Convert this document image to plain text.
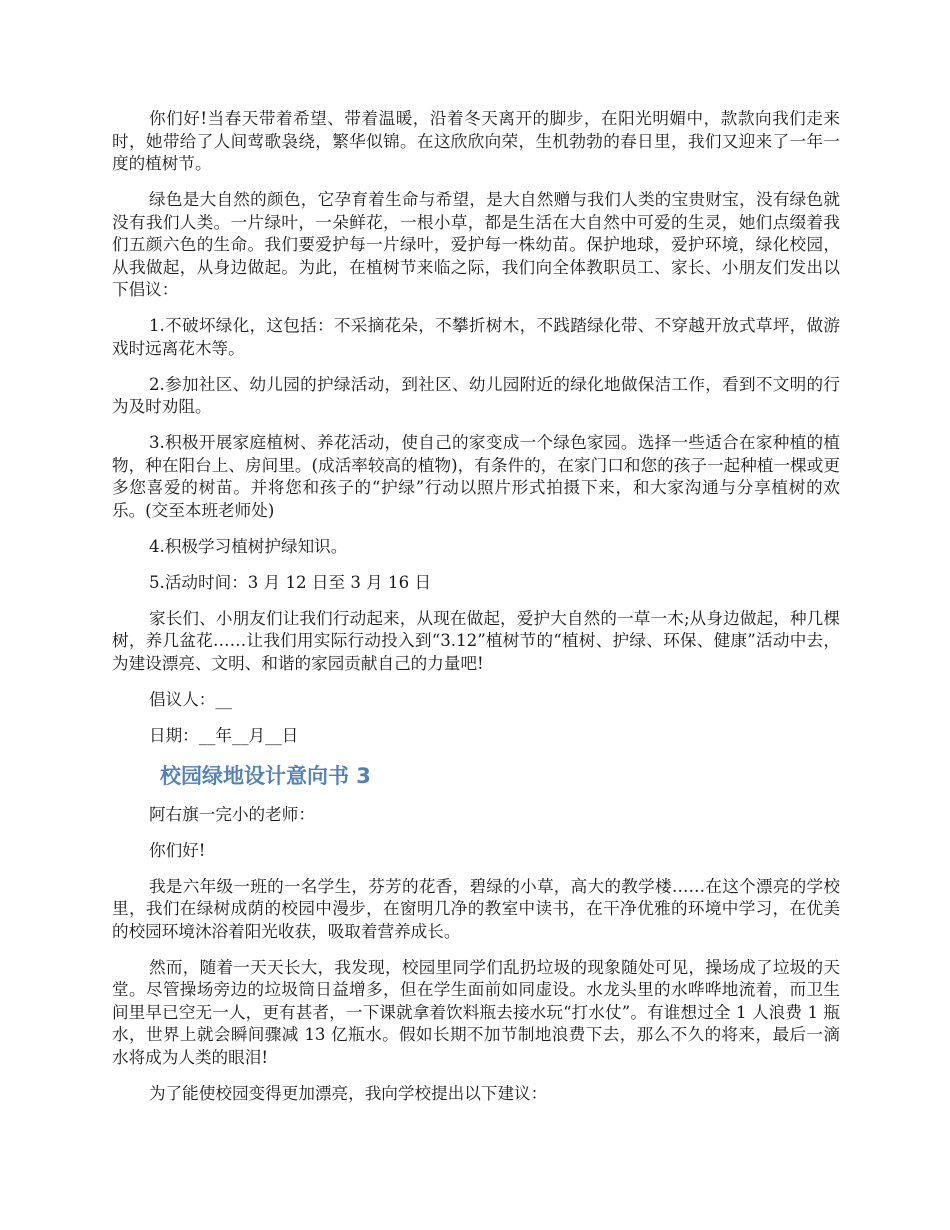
你们好!当春天带着希望、带着温暖，沿着冬天离开的脚步，在阳光明媚中，款款向我们走来时，她带给了人间莺歌袅绕，繁华似锦。在这欣欣向荣，生机勃勃的春日里，我们又迎来了一年一度的植树节。

绿色是大自然的颜色，它孕育着生命与希望，是大自然赠与我们人类的宝贵财宝，没有绿色就没有我们人类。一片绿叶，一朵鲜花，一根小草，都是生活在大自然中可爱的生灵，她们点缀着我们五颜六色的生命。我们要爱护每一片绿叶，爱护每一株幼苗。保护地球，爱护环境，绿化校园，从我做起，从身边做起。为此，在植树节来临之际，我们向全体教职员工、家长、小朋友们发出以下倡议：

1.不破坏绿化，这包括：不采摘花朵，不攀折树木，不践踏绿化带、不穿越开放式草坪，做游戏时远离花木等。

2.参加社区、幼儿园的护绿活动，到社区、幼儿园附近的绿化地做保洁工作，看到不文明的行为及时劝阻。

3.积极开展家庭植树、养花活动，使自己的家变成一个绿色家园。选择一些适合在家种植的植物，种在阳台上、房间里。(成活率较高的植物)，有条件的，在家门口和您的孩子一起种植一棵或更多您喜爱的树苗。并将您和孩子的“护绿”行动以照片形式拍摄下来，和大家沟通与分享植树的欢乐。(交至本班老师处)

4.积极学习植树护绿知识。

5.活动时间：3 月 12 日至 3 月 16 日

家长们、小朋友们让我们行动起来，从现在做起，爱护大自然的一草一木;从身边做起，种几棵树，养几盆花……让我们用实际行动投入到“3.12”植树节的“植树、护绿、环保、健康”活动中去，为建设漂亮、文明、和谐的家园贡献自己的力量吧!

倡议人：__

日期：__年__月__日

校园绿地设计意向书 3

阿右旗一完小的老师：

你们好!

我是六年级一班的一名学生，芬芳的花香，碧绿的小草，高大的教学楼……在这个漂亮的学校里，我们在绿树成荫的校园中漫步，在窗明几净的教室中读书，在干净优雅的环境中学习，在优美的校园环境沐浴着阳光收获，吸取着营养成长。

然而，随着一天天长大，我发现，校园里同学们乱扔垃圾的现象随处可见，操场成了垃圾的天堂。尽管操场旁边的垃圾筒日益增多，但在学生面前如同虚设。水龙头里的水哗哗地流着，而卫生间里早已空无一人，更有甚者，一下课就拿着饮料瓶去接水玩“打水仗”。有谁想过全 1 人浪费 1 瓶水，世界上就会瞬间骤减 13 亿瓶水。假如长期不加节制地浪费下去，那么不久的将来，最后一滴水将成为人类的眼泪!

为了能使校园变得更加漂亮，我向学校提出以下建议：
